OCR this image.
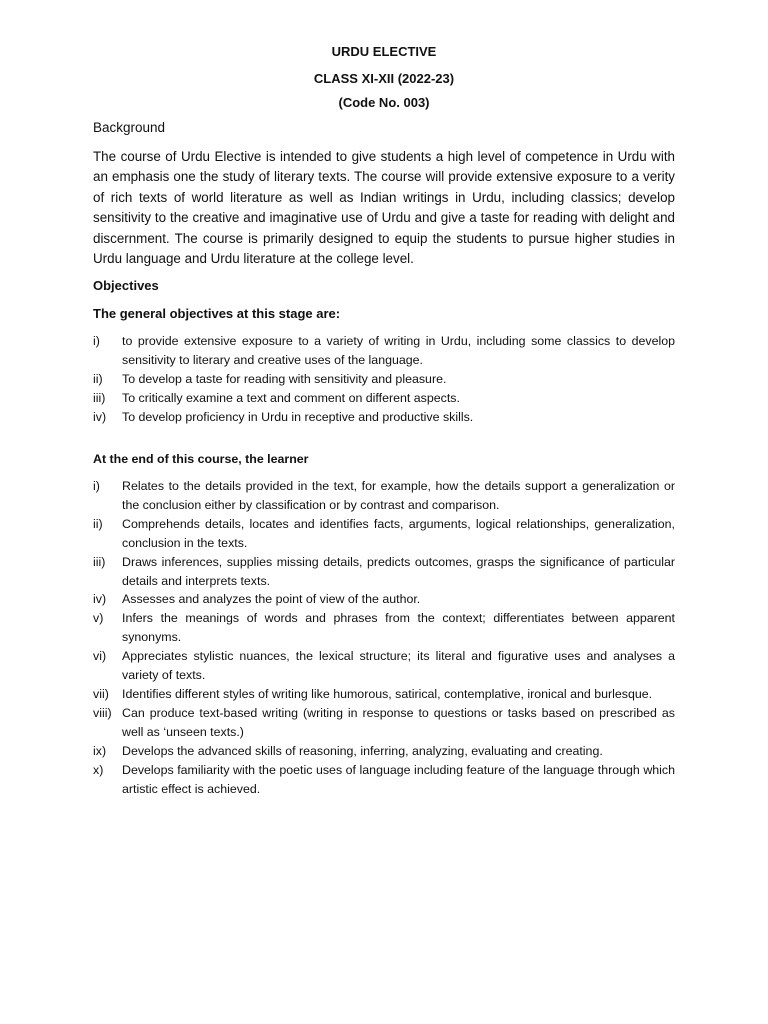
URDU ELECTIVE
CLASS XI-XII (2022-23)
(Code No. 003)
Background

The course of Urdu Elective is intended to give students a high level of competence in Urdu with an emphasis one the study of literary texts. The course will provide extensive exposure to a verity of rich texts of world literature as well as Indian writings in Urdu, including classics; develop sensitivity to the creative and imaginative use of Urdu and give a taste for reading with delight and discernment. The course is primarily designed to equip the students to pursue higher studies in Urdu language and Urdu literature at the college level.

Objectives
The general objectives at this stage are:
i)	to provide extensive exposure to a variety of writing in Urdu, including some classics to develop sensitivity to literary and creative uses of the language.
ii)	To develop a taste for reading with sensitivity and pleasure.
iii)	To critically examine a text and comment on different aspects.
iv)	To develop proficiency in Urdu in receptive and productive skills.
At the end of this course, the learner
i)	Relates to the details provided in the text, for example, how the details support a generalization or the conclusion either by classification or by contrast and comparison.
ii)	Comprehends details, locates and identifies facts, arguments, logical relationships, generalization, conclusion in the texts.
iii)	Draws inferences, supplies missing details, predicts outcomes, grasps the significance of particular details and interprets texts.
iv)	Assesses and analyzes the point of view of the author.
v)	Infers the meanings of words and phrases from the context; differentiates between apparent synonyms.
vi)	Appreciates stylistic nuances, the lexical structure; its literal and figurative uses and analyses a variety of texts.
vii)	Identifies different styles of writing like humorous, satirical, contemplative, ironical and burlesque.
viii) Can produce text-based writing (writing in response to questions or tasks based on prescribed as well as ‘unseen texts.)
ix)	Develops the advanced skills of reasoning, inferring, analyzing, evaluating and creating.
x)	Develops familiarity with the poetic uses of language including feature of the language through which artistic effect is achieved.
